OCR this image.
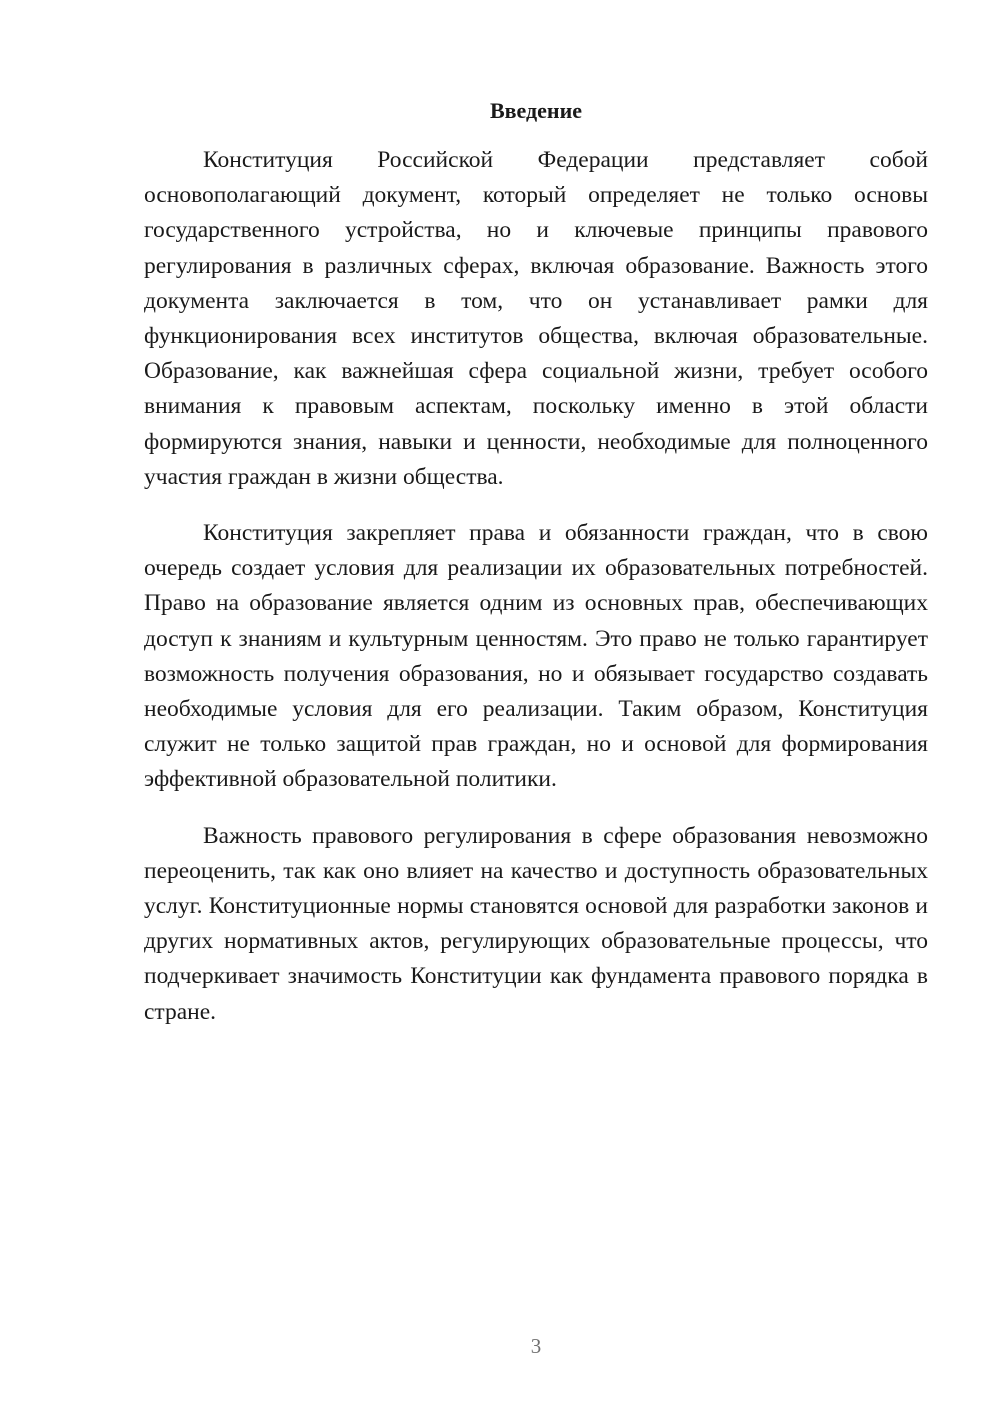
Введение

Конституция Российской Федерации представляет собой основополагающий документ, который определяет не только основы государственного устройства, но и ключевые принципы правового регулирования в различных сферах, включая образование. Важность этого документа заключается в том, что он устанавливает рамки для функционирования всех институтов общества, включая образовательные. Образование, как важнейшая сфера социальной жизни, требует особого внимания к правовым аспектам, поскольку именно в этой области формируются знания, навыки и ценности, необходимые для полноценного участия граждан в жизни общества.

Конституция закрепляет права и обязанности граждан, что в свою очередь создает условия для реализации их образовательных потребностей. Право на образование является одним из основных прав, обеспечивающих доступ к знаниям и культурным ценностям. Это право не только гарантирует возможность получения образования, но и обязывает государство создавать необходимые условия для его реализации. Таким образом, Конституция служит не только защитой прав граждан, но и основой для формирования эффективной образовательной политики.

Важность правового регулирования в сфере образования невозможно переоценить, так как оно влияет на качество и доступность образовательных услуг. Конституционные нормы становятся основой для разработки законов и других нормативных актов, регулирующих образовательные процессы, что подчеркивает значимость Конституции как фундамента правового порядка в стране.

3
